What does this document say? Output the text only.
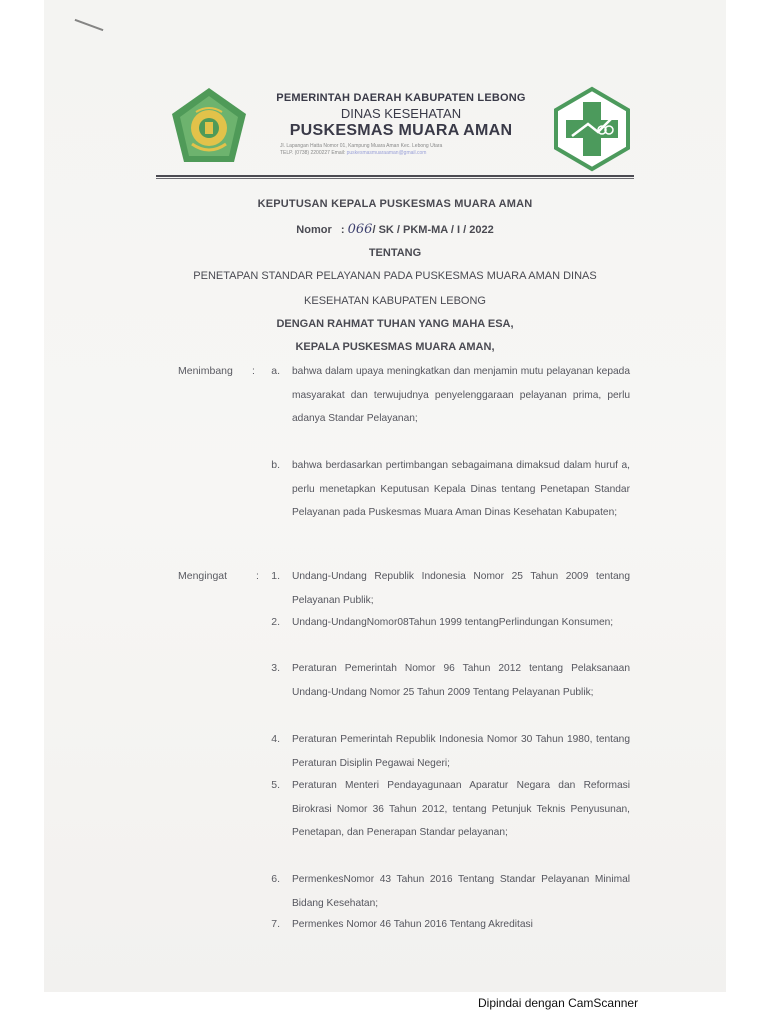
PEMERINTAH DAERAH KABUPATEN LEBONG
DINAS KESEHATAN
PUSKESMAS MUARA AMAN
Jl. Lapangan Hatta Nomor 01, Kampung Muara Aman Kec. Lebong Utara
TELP. (0738) 2200227 Email: puskesmasmuaraaman@gmail.com
KEPUTUSAN KEPALA PUSKESMAS MUARA AMAN
Nomor   : 066/ SK / PKM-MA / I / 2022
TENTANG
PENETAPAN STANDAR PELAYANAN PADA PUSKESMAS MUARA AMAN DINAS
KESEHATAN KABUPATEN LEBONG
DENGAN RAHMAT TUHAN YANG MAHA ESA,
KEPALA PUSKESMAS MUARA AMAN,
Menimbang :	a. bahwa dalam upaya meningkatkan dan menjamin mutu pelayanan kepada masyarakat dan terwujudnya penyelenggaraan pelayanan prima, perlu adanya Standar Pelayanan;
b. bahwa berdasarkan pertimbangan sebagaimana dimaksud dalam huruf a, perlu menetapkan Keputusan Kepala Dinas tentang Penetapan Standar Pelayanan pada Puskesmas Muara Aman Dinas Kesehatan Kabupaten;
Mengingat	:	1. Undang-Undang Republik Indonesia Nomor 25 Tahun 2009 tentang Pelayanan Publik;
2. Undang-UndangNomor08Tahun 1999 tentangPerlindungan Konsumen;
3. Peraturan Pemerintah Nomor 96 Tahun 2012 tentang Pelaksanaan Undang-Undang Nomor 25 Tahun 2009 Tentang Pelayanan Publik;
4. Peraturan Pemerintah Republik Indonesia Nomor 30 Tahun 1980, tentang Peraturan Disiplin Pegawai Negeri;
5. Peraturan Menteri Pendayagunaan Aparatur Negara dan Reformasi Birokrasi Nomor 36 Tahun 2012, tentang Petunjuk Teknis Penyusunan, Penetapan, dan Penerapan Standar pelayanan;
6. PermenkesNomor 43 Tahun 2016 Tentang Standar Pelayanan Minimal Bidang Kesehatan;
7. Permenkes Nomor 46 Tahun 2016 Tentang Akreditasi
Dipindai dengan CamScanner
